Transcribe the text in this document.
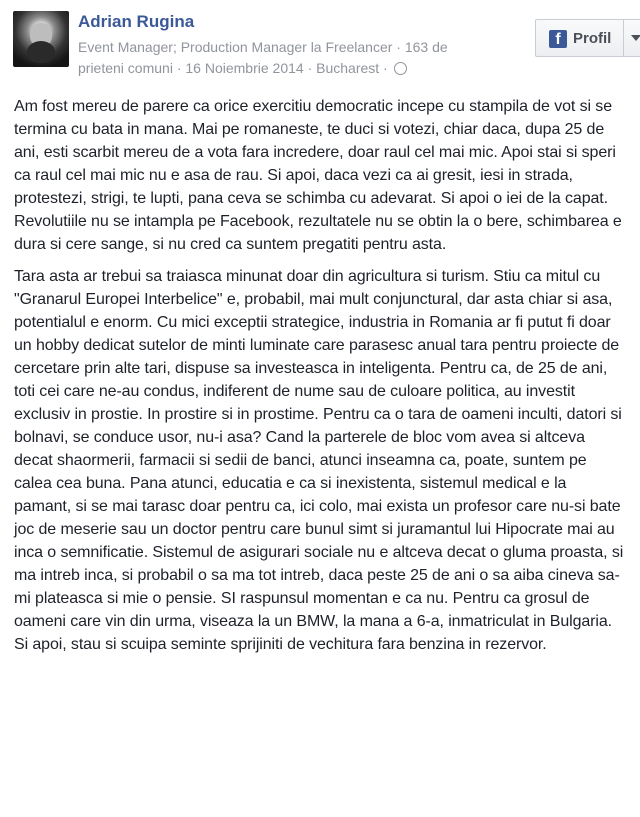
Adrian Rugina
Event Manager; Production Manager la Freelancer · 163 de prieteni comuni · 16 Noiembrie 2014 · Bucharest ·
f Profil

Am fost mereu de parere ca orice exercitiu democratic incepe cu stampila de vot si se termina cu bata in mana. Mai pe romaneste, te duci si votezi, chiar daca, dupa 25 de ani, esti scarbit mereu de a vota fara incredere, doar raul cel mai mic. Apoi stai si speri ca raul cel mai mic nu e asa de rau. Si apoi, daca vezi ca ai gresit, iesi in strada, protestezi, strigi, te lupti, pana ceva se schimba cu adevarat. Si apoi o iei de la capat. Revolutiile nu se intampla pe Facebook, rezultatele nu se obtin la o bere, schimbarea e dura si cere sange, si nu cred ca suntem pregatiti pentru asta.

Tara asta ar trebui sa traiasca minunat doar din agricultura si turism. Stiu ca mitul cu "Granarul Europei Interbelice" e, probabil, mai mult conjunctural, dar asta chiar si asa, potentialul e enorm. Cu mici exceptii strategice, industria in Romania ar fi putut fi doar un hobby dedicat sutelor de minti luminate care parasesc anual tara pentru proiecte de cercetare prin alte tari, dispuse sa investeasca in inteligenta. Pentru ca, de 25 de ani, toti cei care ne-au condus, indiferent de nume sau de culoare politica, au investit exclusiv in prostie. In prostire si in prostime. Pentru ca o tara de oameni inculti, datori si bolnavi, se conduce usor, nu-i asa? Cand la parterele de bloc vom avea si altceva decat shaormerii, farmacii si sedii de banci, atunci inseamna ca, poate, suntem pe calea cea buna. Pana atunci, educatia e ca si inexistenta, sistemul medical e la pamant, si se mai tarasc doar pentru ca, ici colo, mai exista un profesor care nu-si bate joc de meserie sau un doctor pentru care bunul simt si juramantul lui Hipocrate mai au inca o semnificatie. Sistemul de asigurari sociale nu e altceva decat o gluma proasta, si ma intreb inca, si probabil o sa ma tot intreb, daca peste 25 de ani o sa aiba cineva sa-mi plateasca si mie o pensie. SI raspunsul momentan e ca nu. Pentru ca grosul de oameni care vin din urma, viseaza la un BMW, la mana a 6-a, inmatriculat in Bulgaria. Si apoi, stau si scuipa seminte sprijiniti de vechitura fara benzina in rezervor.
